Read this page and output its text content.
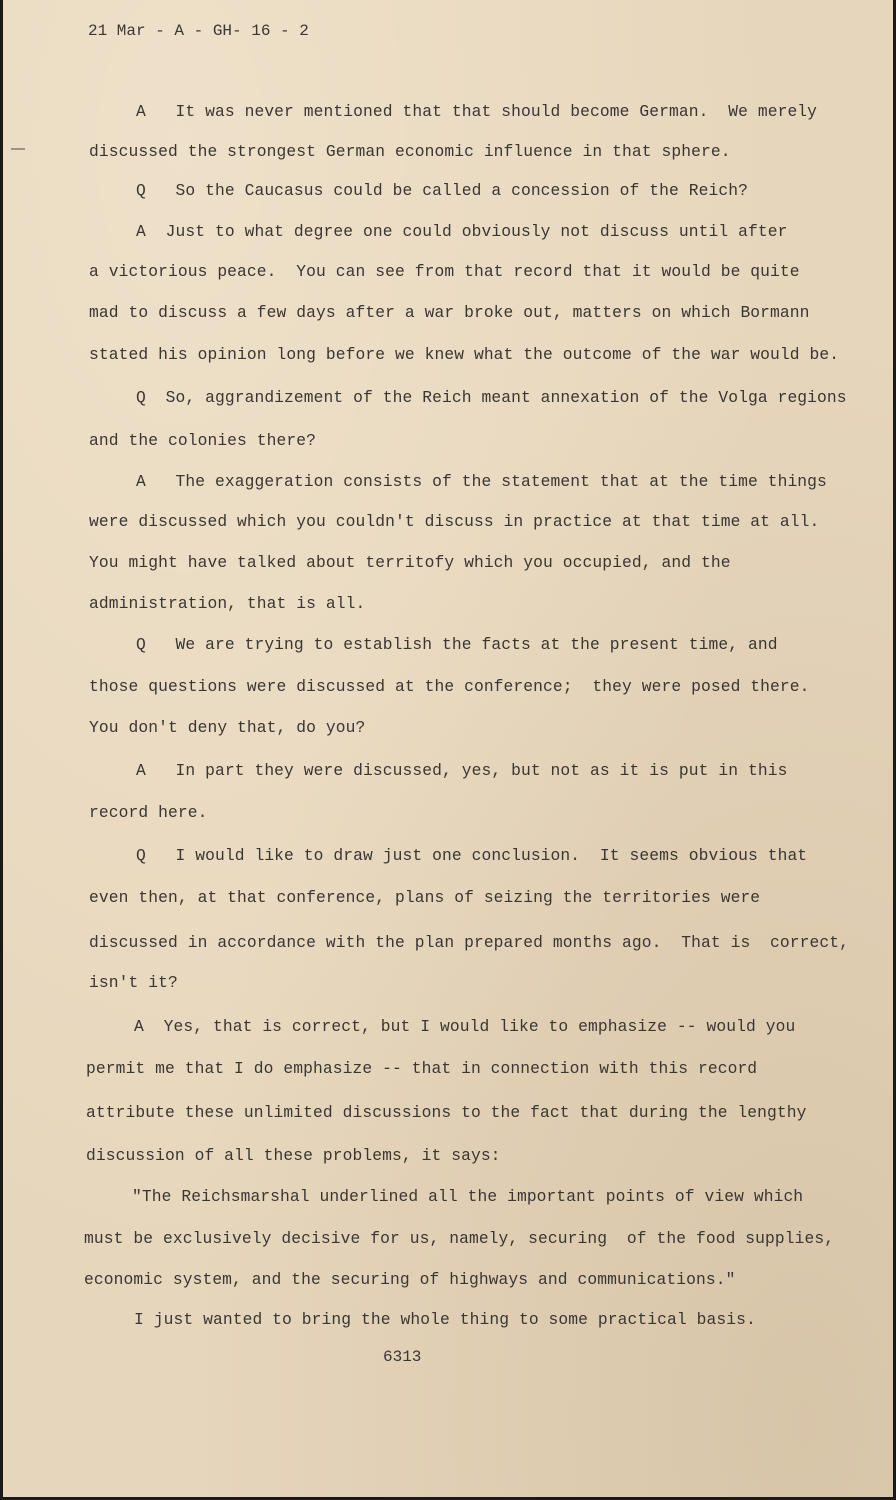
21 Mar - A - GH- 16 - 2
A   It was never mentioned that that should become German.  We merely
discussed the strongest German economic influence in that sphere.
Q   So the Caucasus could be called a concession of the Reich?
A  Just to what degree one could obviously not discuss until after
a victorious peace.  You can see from that record that it would be quite
mad to discuss a few days after a war broke out, matters on which Bormann
stated his opinion long before we knew what the outcome of the war would be.
Q  So, aggrandizement of the Reich meant annexation of the Volga regions
and the colonies there?
A   The exaggeration consists of the statement that at the time things
were discussed which you couldn't discuss in practice at that time at all.
You might have talked about territofy which you occupied, and the
administration, that is all.
Q   We are trying to establish the facts at the present time, and
those questions were discussed at the conference;  they were posed there.
You don't deny that, do you?
A   In part they were discussed, yes, but not as it is put in this
record here.
Q   I would like to draw just one conclusion.  It seems obvious that
even then, at that conference, plans of seizing the territories were
discussed in accordance with the plan prepared months ago.  That is  correct,
isn't it?
A  Yes, that is correct, but I would like to emphasize -- would you
permit me that I do emphasize -- that in connection with this record
attribute these unlimited discussions to the fact that during the lengthy
discussion of all these problems, it says:
"The Reichsmarshal underlined all the important points of view which
must be exclusively decisive for us, namely, securing  of the food supplies,
economic system, and the securing of highways and communications."
I just wanted to bring the whole thing to some practical basis.
6313
